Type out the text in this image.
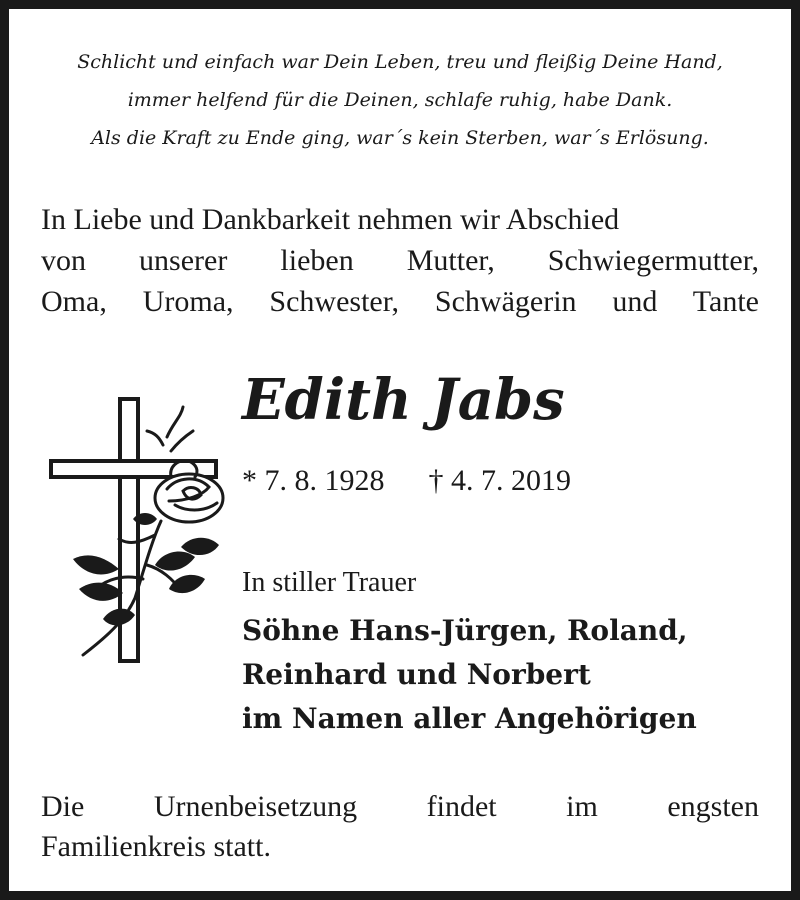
Schlicht und einfach war Dein Leben, treu und fleißig Deine Hand,
immer helfend für die Deinen, schlafe ruhig, habe Dank.
Als die Kraft zu Ende ging, war´s kein Sterben, war´s Erlösung.
In Liebe und Dankbarkeit nehmen wir Abschied
von unserer lieben Mutter, Schwiegermutter,
Oma, Uroma, Schwester, Schwägerin und Tante
Edith Jabs
* 7. 8. 1928 † 4. 7. 2019
In stiller Trauer
Söhne Hans-Jürgen, Roland,
Reinhard und Norbert
im Namen aller Angehörigen
Die Urnenbeisetzung findet im engsten
Familienkreis statt.
